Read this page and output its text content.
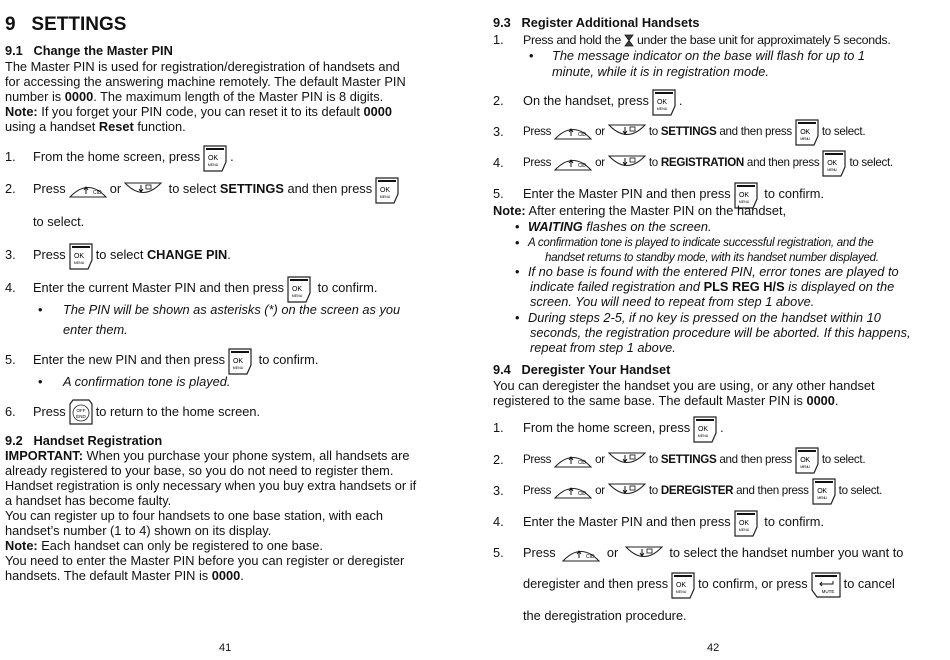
9 SETTINGS
9.1 Change the Master PIN
The Master PIN is used for registration/deregistration of handsets and
for accessing the answering machine remotely. The default Master PIN
number is 0000. The maximum length of the Master PIN is 8 digits.
Note: If you forget your PIN code, you can reset it to its default 0000
using a handset Reset function.
1. From the home screen, press OK
MENU
.
2. Press	CID or	to select SETTINGS and then press OK
MENU
to select.
3. Press OK
MENU
to select CHANGE PIN.
4. Enter the current Master PIN and then press OK
MENU
to confirm.
• The PIN will be shown as asterisks (*) on the screen as you
enter them.
5. Enter the new PIN and then press OK
MENU
to confirm.
• A confirmation tone is played.
6. Press OFF
END to return to the home screen.
9.2 Handset Registration
IMPORTANT: When you purchase your phone system, all handsets are
already registered to your base, so you do not need to register them.
Handset registration is only necessary when you buy extra handsets or if
a handset has become faulty.
You can register up to four handsets to one base station, with each
handset’s number (1 to 4) shown on its display.
Note: Each handset can only be registered to one base.
You need to enter the Master PIN before you can register or deregister
handsets. The default Master PIN is 0000.
41
9.3 Register Additional Handsets
1. Press and hold the under the base unit for approximately 5 seconds.
• The message indicator on the base will flash for up to 1
minute, while it is in registration mode.
2. On the handset, press OK
MENU
.
3. Press	CID or	to SETTINGS and then press OK
MENU
to select.
4. Press	CID or	to REGISTRATION and then press OK
MENU
to select.
5. Enter the Master PIN and then press OK
MENU
to confirm.
Note: After entering the Master PIN on the handset,
• WAITING flashes on the screen.
• A confirmation tone is played to indicate successful registration, and the
handset returns to standby mode, with its handset number displayed.
• If no base is found with the entered PIN, error tones are played to
indicate failed registration and PLS REG H/S is displayed on the
screen. You will need to repeat from step 1 above.
• During steps 2-5, if no key is pressed on the handset within 10
seconds, the registration procedure will be aborted. If this happens,
repeat from step 1 above.
9.4 Deregister Your Handset
You can deregister the handset you are using, or any other handset
registered to the same base. The default Master PIN is 0000.
1. From the home screen, press OK
MENU
.
2. Press	CID or	to SETTINGS and then press OK
MENU
to select.
3. Press	CID or	to DEREGISTER and then press OK
MENU
to select.
4. Enter the Master PIN and then press OK
MENU
to confirm.
5. Press	CID or	to select the handset number you want to
deregister and then press OK
MENU
to confirm, or press
MUTE
to cancel
the deregistration procedure.
42
